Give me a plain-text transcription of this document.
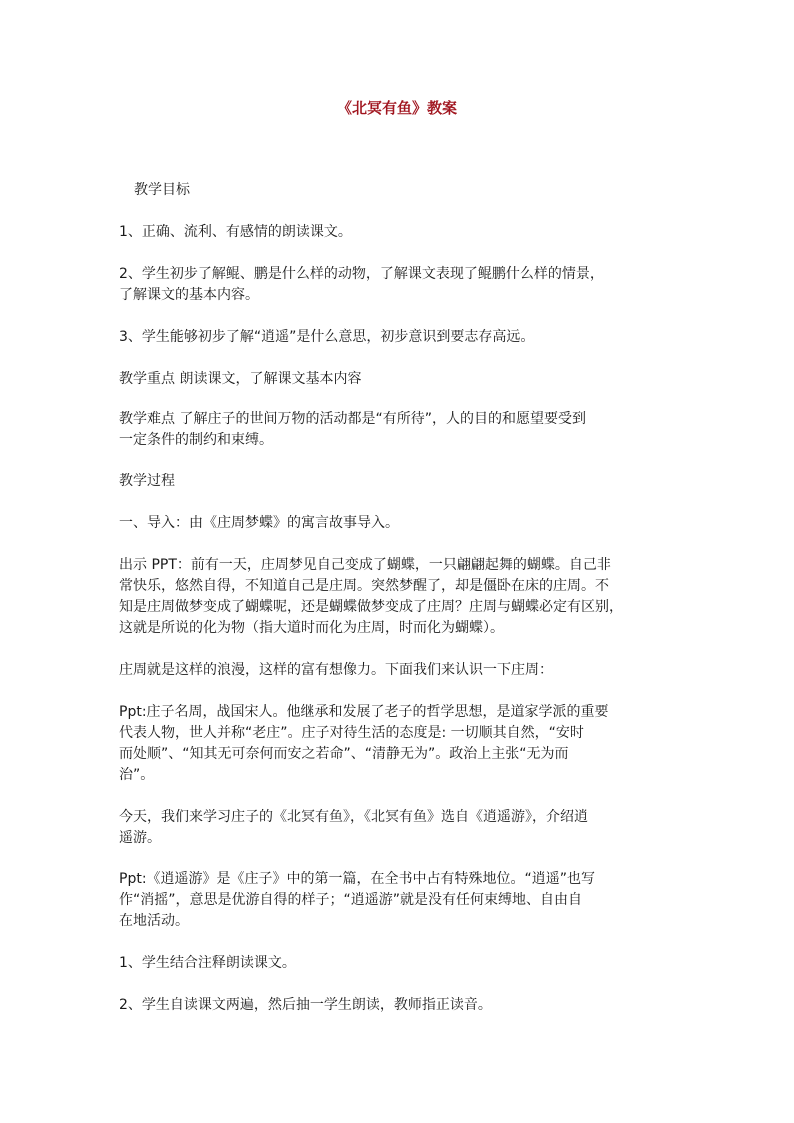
《北冥有鱼》教案

教学目标

1、正确、流利、有感情的朗读课文。

2、学生初步了解鲲、鹏是什么样的动物，了解课文表现了鲲鹏什么样的情景，
了解课文的基本内容。

3、学生能够初步了解“逍遥”是什么意思，初步意识到要志存高远。

教学重点 朗读课文，了解课文基本内容

教学难点 了解庄子的世间万物的活动都是“有所待”，人的目的和愿望要受到
一定条件的制约和束缚。

教学过程

一、导入：由《庄周梦蝶》的寓言故事导入。

出示 PPT：前有一天，庄周梦见自己变成了蝴蝶，一只翩翩起舞的蝴蝶。自己非
常快乐，悠然自得，不知道自己是庄周。突然梦醒了，却是僵卧在床的庄周。不
知是庄周做梦变成了蝴蝶呢，还是蝴蝶做梦变成了庄周？庄周与蝴蝶必定有区别，
这就是所说的化为物（指大道时而化为庄周，时而化为蝴蝶）。

庄周就是这样的浪漫，这样的富有想像力。下面我们来认识一下庄周：

Ppt:庄子名周，战国宋人。他继承和发展了老子的哲学思想，是道家学派的重要
代表人物，世人并称“老庄”。庄子对待生活的态度是: 一切顺其自然，“安时
而处顺”、“知其无可奈何而安之若命”、“清静无为”。政治上主张“无为而
治”。

今天，我们来学习庄子的《北冥有鱼》，《北冥有鱼》选自《逍遥游》，介绍逍
遥游。

Ppt:《逍遥游》是《庄子》中的第一篇，在全书中占有特殊地位。“逍遥”也写
作“消摇”，意思是优游自得的样子；“逍遥游”就是没有任何束缚地、自由自
在地活动。

1、学生结合注释朗读课文。

2、学生自读课文两遍，然后抽一学生朗读，教师指正读音。
